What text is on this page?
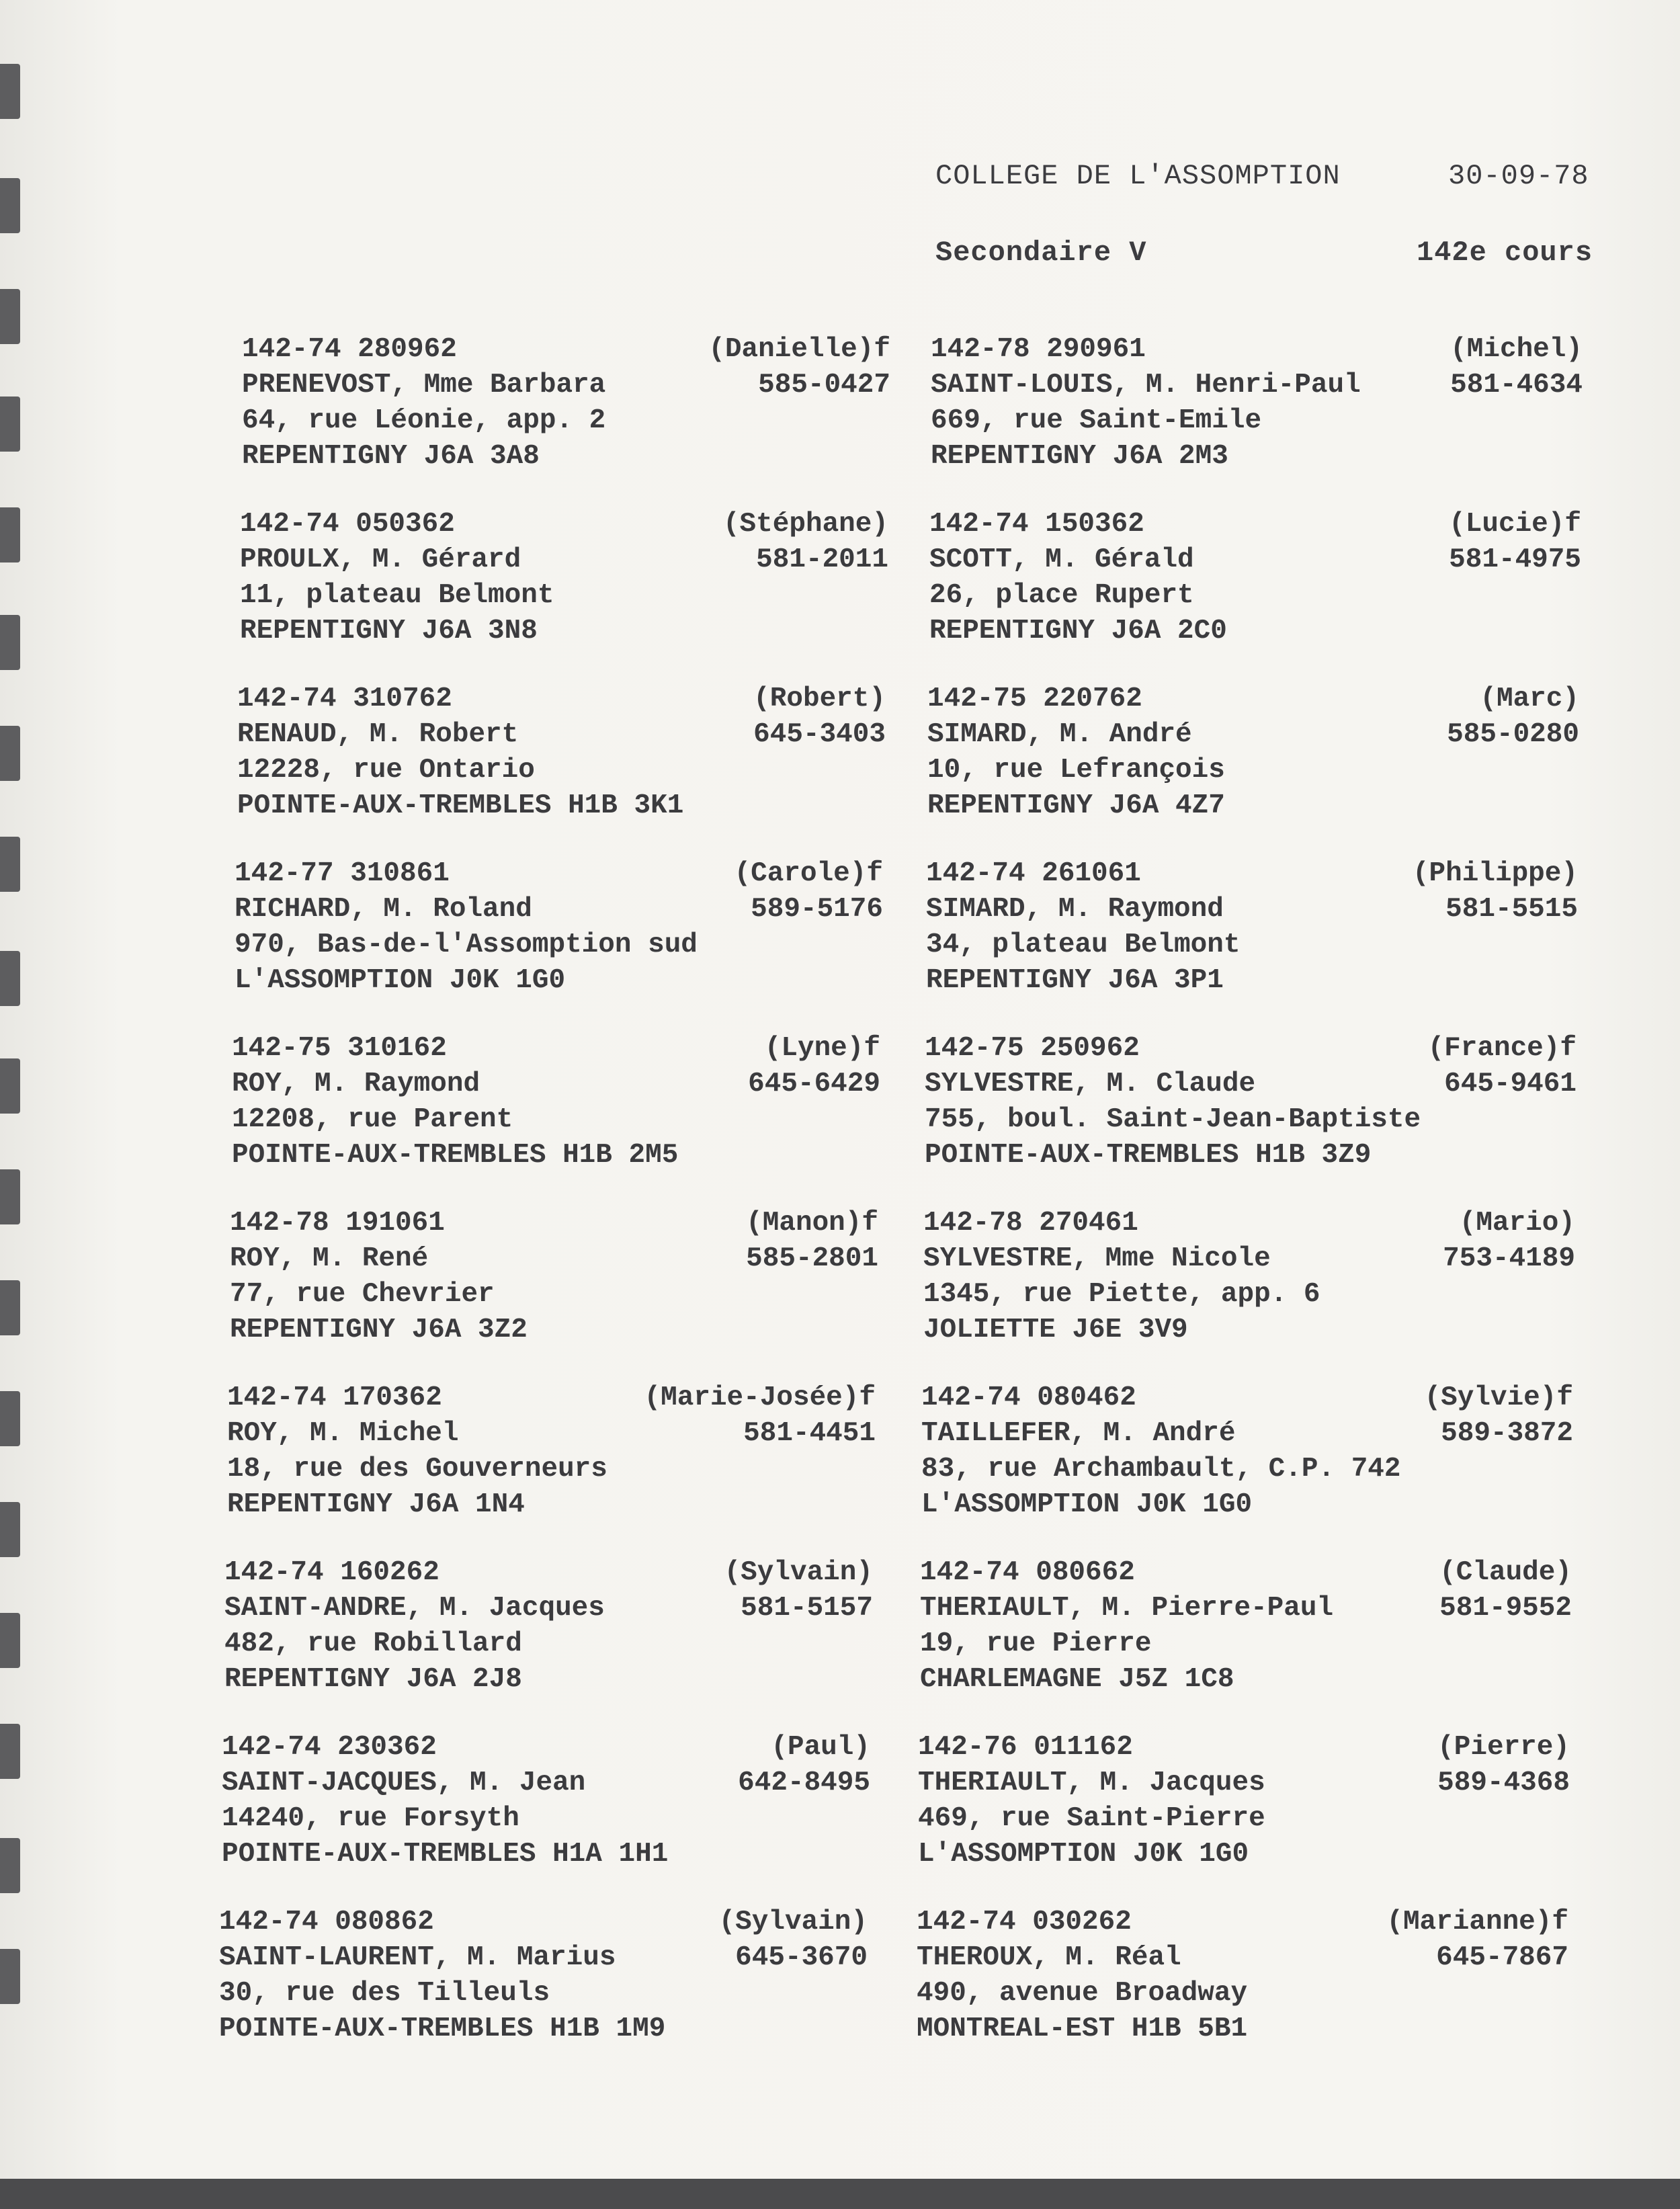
COLLEGE DE L'ASSOMPTION	30-09-78
Secondaire V	142e cours
142-74 280962
PRENEVOST, Mme Barbara
64, rue Léonie, app. 2
REPENTIGNY J6A 3A8
(Danielle)f
585-0427
142-74 050362
PROULX, M. Gérard
11, plateau Belmont
REPENTIGNY J6A 3N8
(Stéphane)
581-2011
142-74 310762
RENAUD, M. Robert
12228, rue Ontario
POINTE-AUX-TREMBLES H1B 3K1
(Robert)
645-3403
142-77 310861
RICHARD, M. Roland
970, Bas-de-l'Assomption sud
L'ASSOMPTION J0K 1G0
(Carole)f
589-5176
142-75 310162
ROY, M. Raymond
12208, rue Parent
POINTE-AUX-TREMBLES H1B 2M5
(Lyne)f
645-6429
142-78 191061
ROY, M. René
77, rue Chevrier
REPENTIGNY J6A 3Z2
(Manon)f
585-2801
142-74 170362
ROY, M. Michel
18, rue des Gouverneurs
REPENTIGNY J6A 1N4
(Marie-Josée)f
581-4451
142-74 160262
SAINT-ANDRE, M. Jacques
482, rue Robillard
REPENTIGNY J6A 2J8
(Sylvain)
581-5157
142-74 230362
SAINT-JACQUES, M. Jean
14240, rue Forsyth
POINTE-AUX-TREMBLES H1A 1H1
(Paul)
642-8495
142-74 080862
SAINT-LAURENT, M. Marius
30, rue des Tilleuls
POINTE-AUX-TREMBLES H1B 1M9
(Sylvain)
645-3670
142-78 290961
SAINT-LOUIS, M. Henri-Paul
669, rue Saint-Emile
REPENTIGNY J6A 2M3
(Michel)
581-4634
142-74 150362
SCOTT, M. Gérald
26, place Rupert
REPENTIGNY J6A 2C0
(Lucie)f
581-4975
142-75 220762
SIMARD, M. André
10, rue Lefrançois
REPENTIGNY J6A 4Z7
(Marc)
585-0280
142-74 261061
SIMARD, M. Raymond
34, plateau Belmont
REPENTIGNY J6A 3P1
(Philippe)
581-5515
142-75 250962
SYLVESTRE, M. Claude
755, boul. Saint-Jean-Baptiste
POINTE-AUX-TREMBLES H1B 3Z9
(France)f
645-9461
142-78 270461
SYLVESTRE, Mme Nicole
1345, rue Piette, app. 6
JOLIETTE J6E 3V9
(Mario)
753-4189
142-74 080462
TAILLEFER, M. André
83, rue Archambault, C.P. 742
L'ASSOMPTION J0K 1G0
(Sylvie)f
589-3872
142-74 080662
THERIAULT, M. Pierre-Paul
19, rue Pierre
CHARLEMAGNE J5Z 1C8
(Claude)
581-9552
142-76 011162
THERIAULT, M. Jacques
469, rue Saint-Pierre
L'ASSOMPTION J0K 1G0
(Pierre)
589-4368
142-74 030262
THEROUX, M. Réal
490, avenue Broadway
MONTREAL-EST H1B 5B1
(Marianne)f
645-7867
